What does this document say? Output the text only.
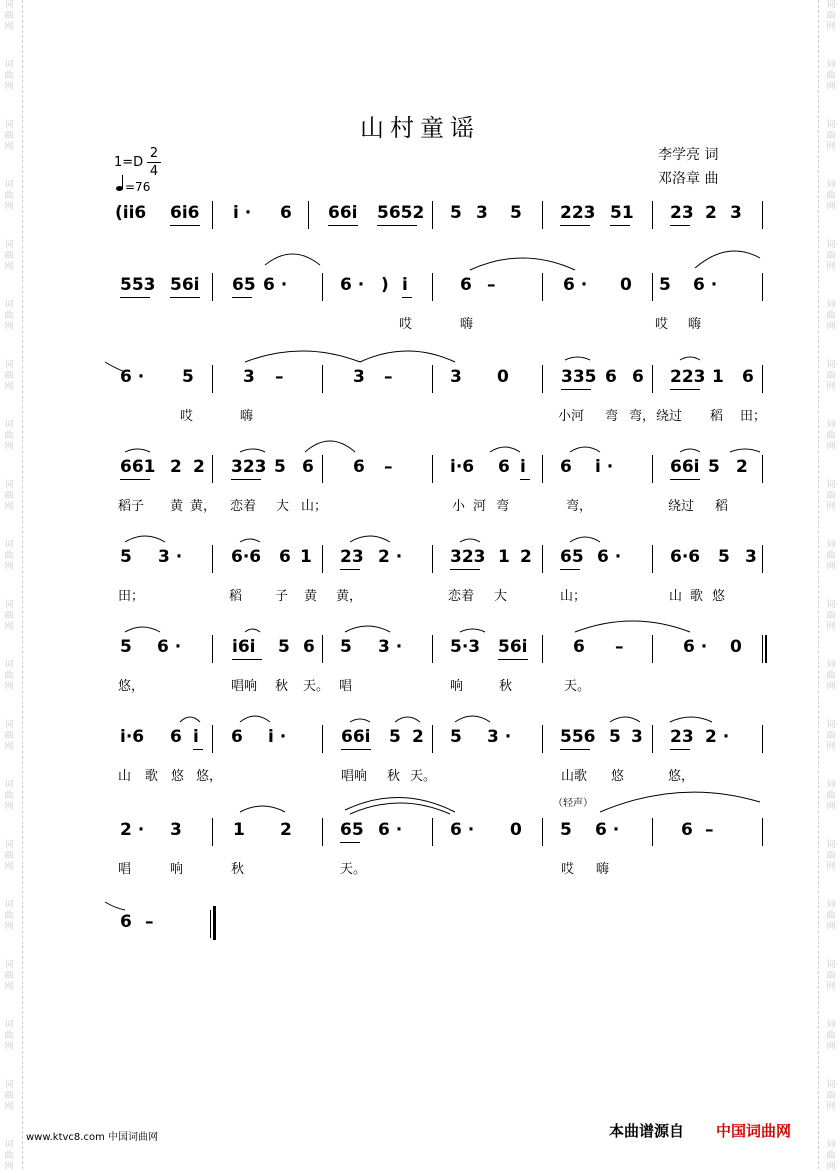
词
曲
网
词
曲
网
词
曲
网
词
曲
网
词
曲
网
词
曲
网
词
曲
网
词
曲
网
词
曲
网
词
曲
网
词
曲
网
词
曲
网
词
曲
网
词
曲
网
词
曲
网
词
曲
网
词
曲
网
词
曲
网
词
曲
网
词
曲
网
词
曲
网
词
曲
网
词
曲
网
词
曲
网
词
曲
网
词
曲
网
词
曲
网
词
曲
网
词
曲
网
词
曲
网
词
曲
网
词
曲
网
词
曲
网
词
曲
网
词
曲
网
词
曲
网
词
曲
网
词
曲
网
词
曲
网
词
曲
网
山村童谣
1=D
2
4
=76
李学亮 词
邓洛章 曲
(i̇i̇6 6i̇6 i̇ · 6 66i̇ 5652 5 3 5 223 51 23 2 3
553 56i̇ 65 6 ·	6 · ) i̇	6 –	6 · 0 5 6 ·
哎	嗨	哎 嗨
6 · 5	3 –	3 –	3 0	335 6 6 223 1 6
哎	嗨	小河 弯 弯， 绕过 稻 田；
661 2 2 323 5 6 6 –	i̇·6 6 i̇ 6 i̇ ·	66i̇ 5 2
稻子 黄 黄， 恋着 大 山；	小 河 弯	弯，	绕过 稻
5 3 ·	6·6 6 1 23 2 ·	323 1 2 65 6 ·	6·6 5 3
田；	稻	子 黄 黄，	恋着 大	山；	山 歌 悠
5 6 ·	i̇6i̇ 5 6 5 3 ·	5·3 56i̇	6 –	6 · 0
悠，	唱响 秋 天。 唱	响	秋	天。
i̇·6 6 i̇ 6 i̇ ·	66i̇ 5 2 5 3 ·	556 5 3 23 2 ·
山 歌 悠 悠，	唱响 秋 天。	山歌 悠	悠，
2 · 3	1 2	65 6 ·	6 · 0 5 6 ·	6 –
唱	响	秋	天。	哎 嗨
（轻声）
6 –
www.ktvc8.com 中国词曲网	本曲谱源自 中国词曲网
